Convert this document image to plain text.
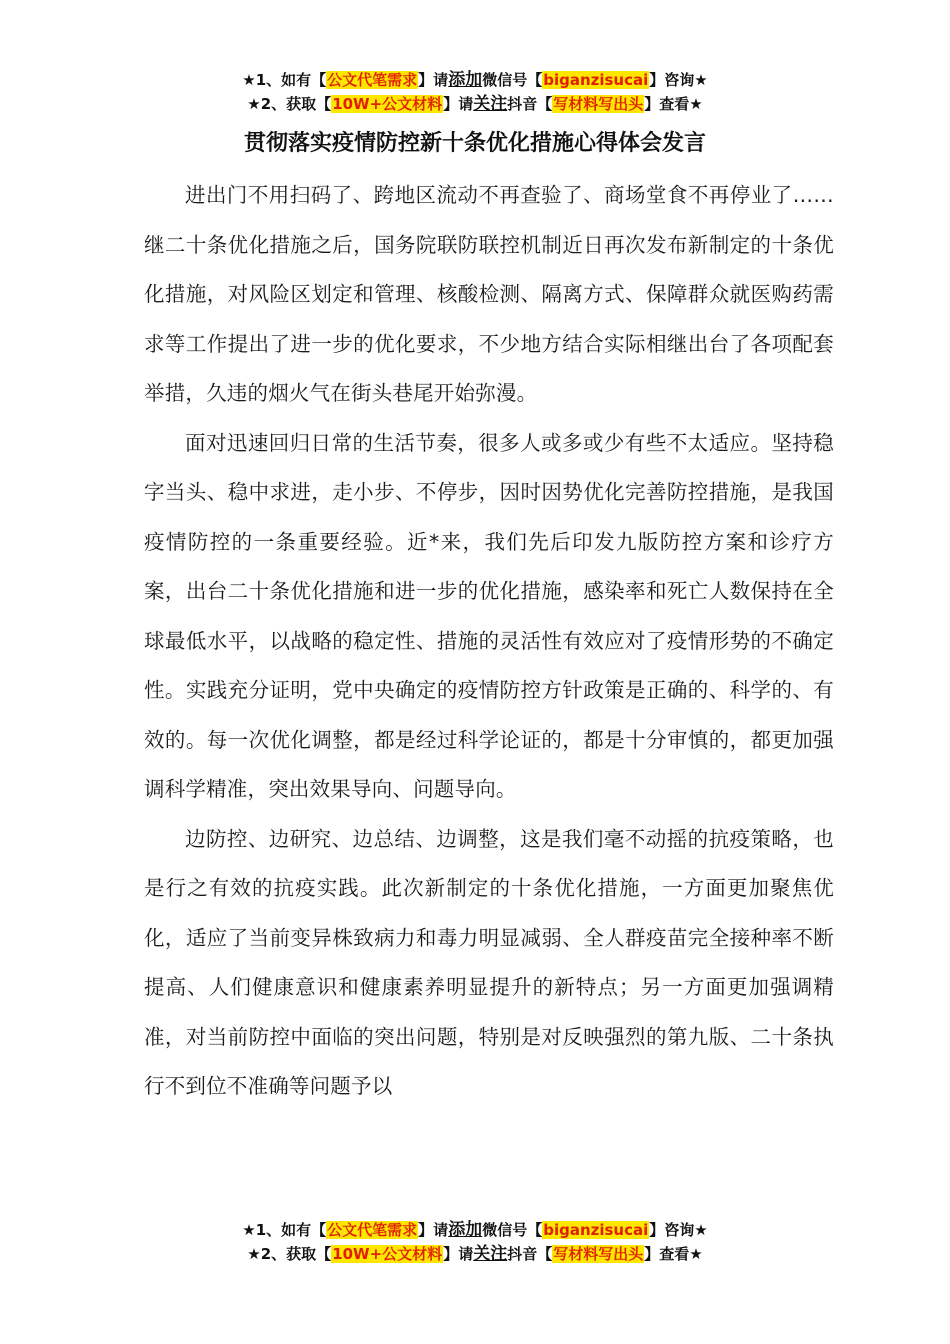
★1、如有【公文代笔需求】请添加微信号【biganzisucai】咨询★
★2、获取【10W+公文材料】请关注抖音【写材料写出头】查看★
贯彻落实疫情防控新十条优化措施心得体会发言

进出门不用扫码了、跨地区流动不再查验了、商场堂食不再停业了……继二十条优化措施之后，国务院联防联控机制近日再次发布新制定的十条优化措施，对风险区划定和管理、核酸检测、隔离方式、保障群众就医购药需求等工作提出了进一步的优化要求，不少地方结合实际相继出台了各项配套举措，久违的烟火气在街头巷尾开始弥漫。

面对迅速回归日常的生活节奏，很多人或多或少有些不太适应。坚持稳字当头、稳中求进，走小步、不停步，因时因势优化完善防控措施，是我国疫情防控的一条重要经验。近*来，我们先后印发九版防控方案和诊疗方案，出台二十条优化措施和进一步的优化措施，感染率和死亡人数保持在全球最低水平，以战略的稳定性、措施的灵活性有效应对了疫情形势的不确定性。实践充分证明，党中央确定的疫情防控方针政策是正确的、科学的、有效的。每一次优化调整，都是经过科学论证的，都是十分审慎的，都更加强调科学精准，突出效果导向、问题导向。

边防控、边研究、边总结、边调整，这是我们毫不动摇的抗疫策略，也是行之有效的抗疫实践。此次新制定的十条优化措施，一方面更加聚焦优化，适应了当前变异株致病力和毒力明显减弱、全人群疫苗完全接种率不断提高、人们健康意识和健康素养明显提升的新特点；另一方面更加强调精准，对当前防控中面临的突出问题，特别是对反映强烈的第九版、二十条执行不到位不准确等问题予以

★1、如有【公文代笔需求】请添加微信号【biganzisucai】咨询★
★2、获取【10W+公文材料】请关注抖音【写材料写出头】查看★
